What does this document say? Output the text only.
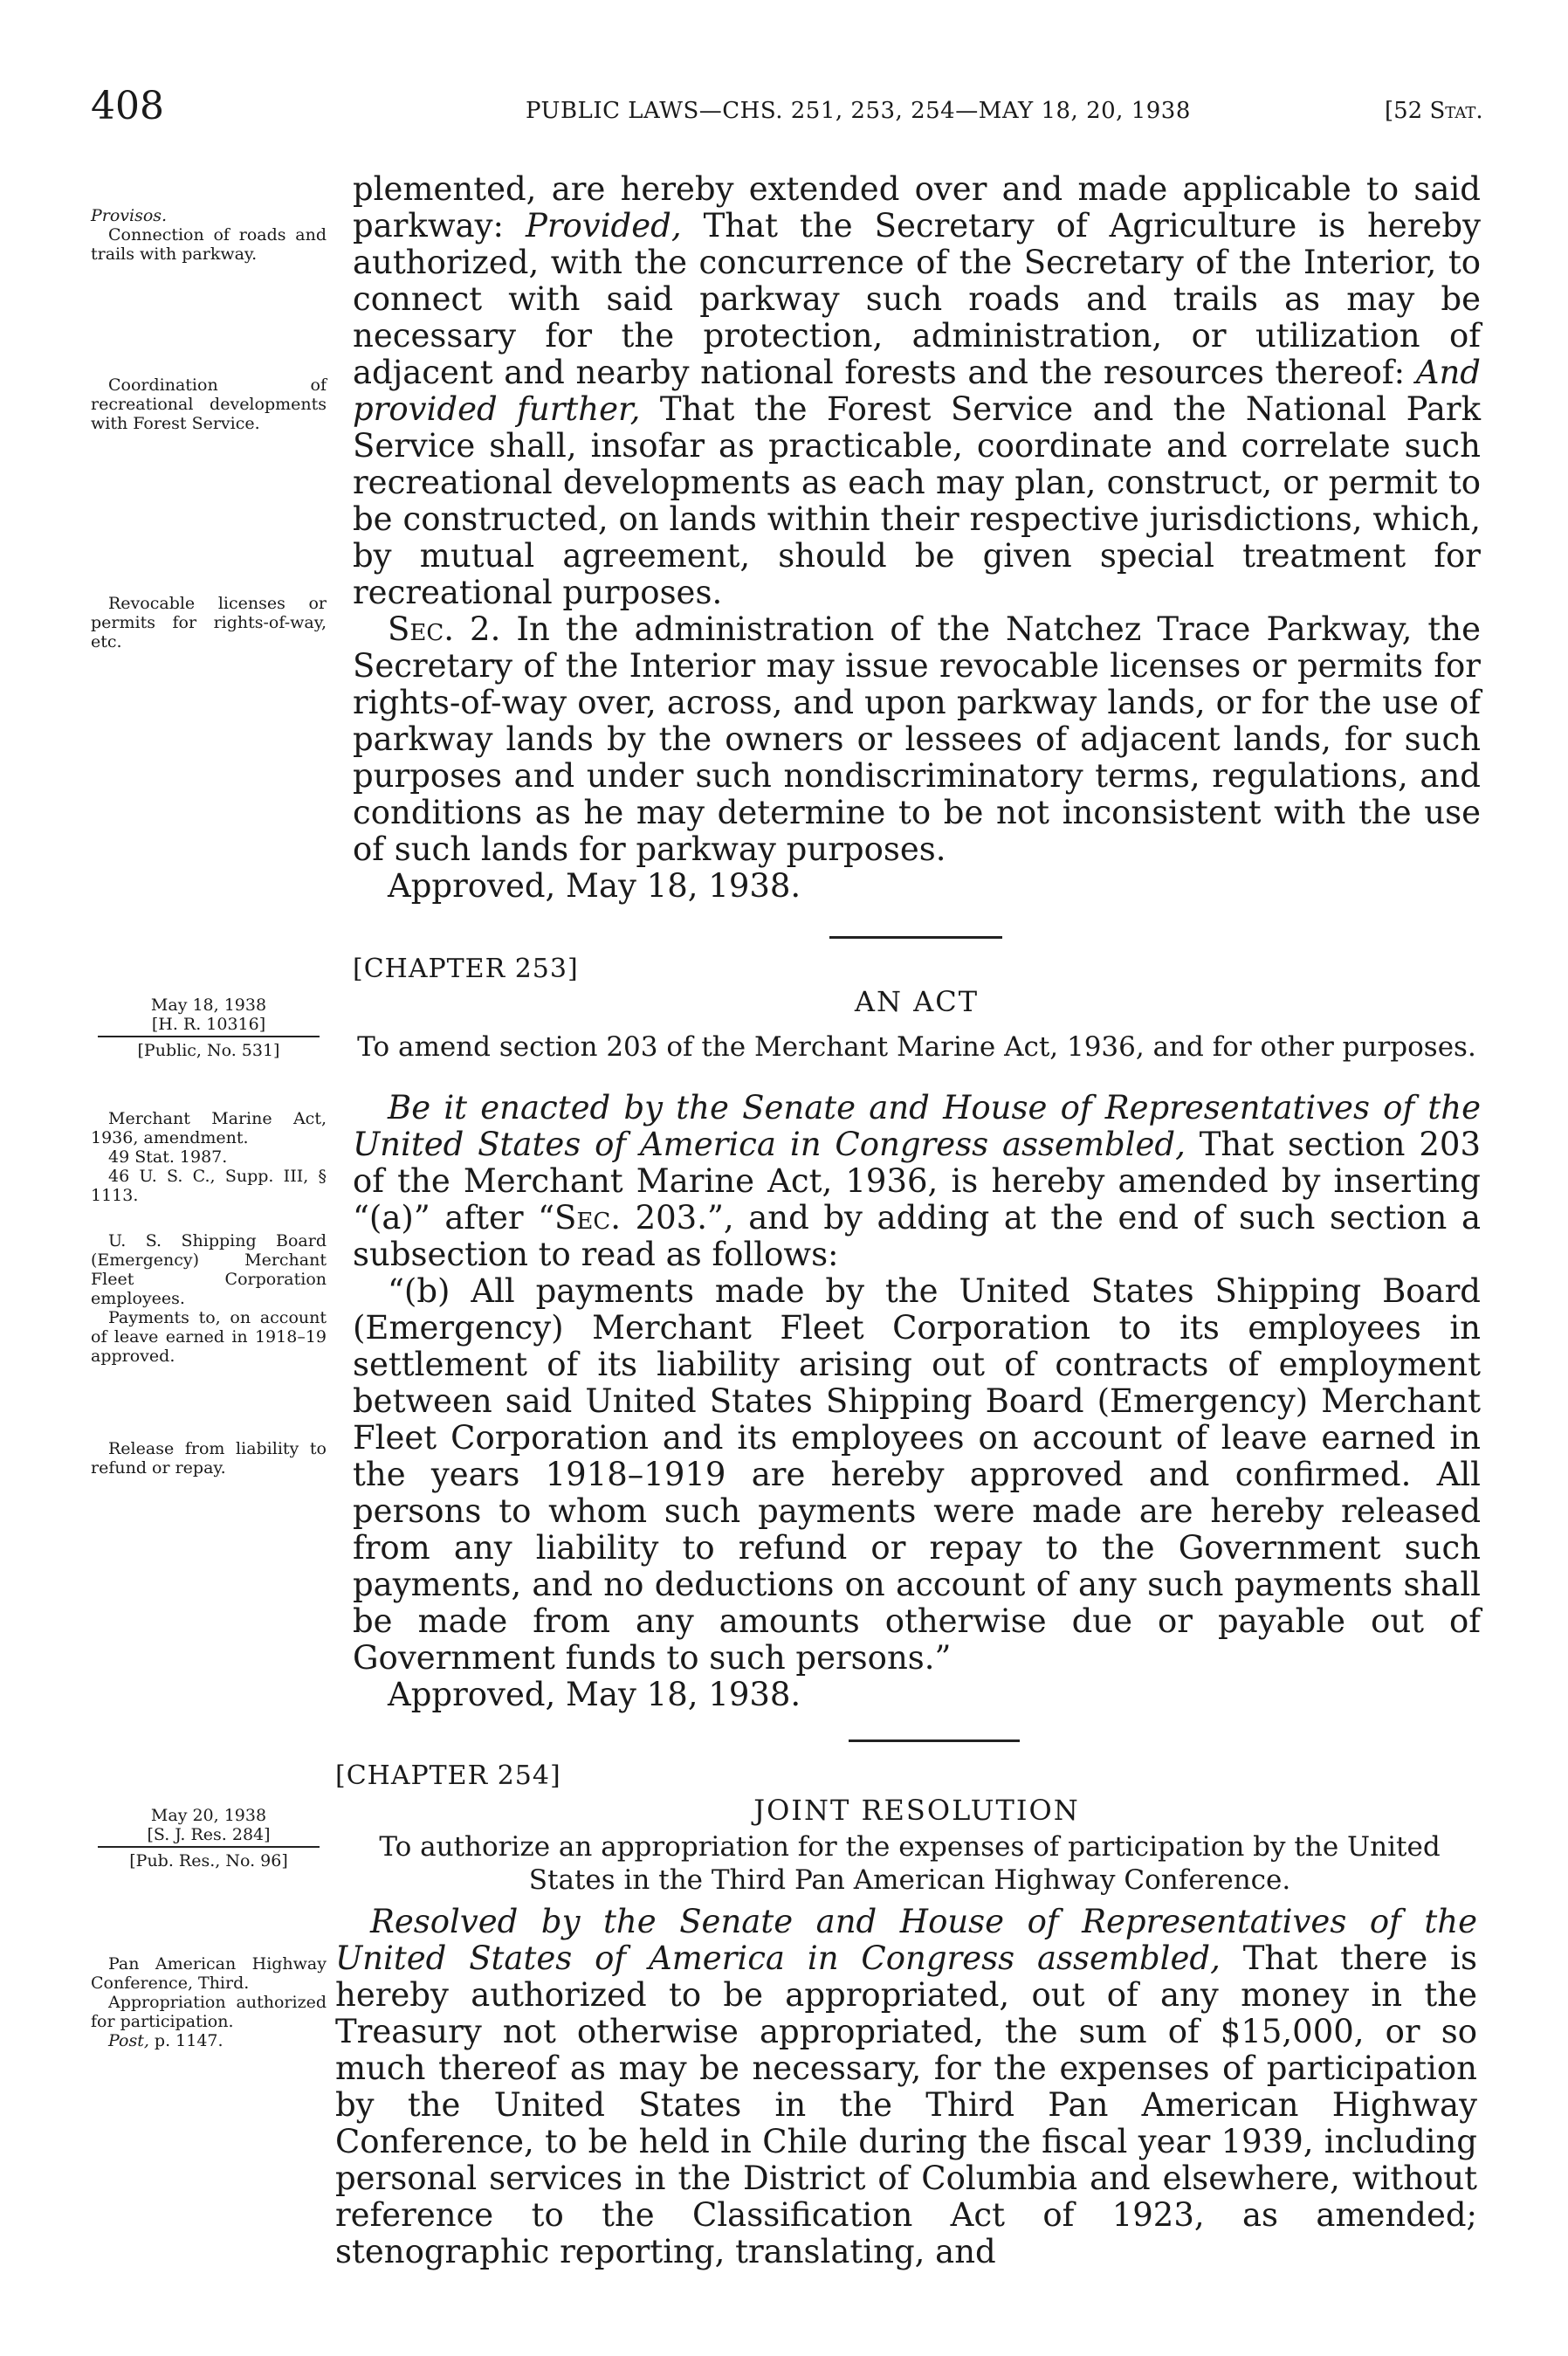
408	PUBLIC LAWS—CHS. 251, 253, 254—MAY 18, 20, 1938	[52 Stat.
Provisos.
Connection of roads and trails with parkway.
Coordination of recreational developments with Forest Service.
Revocable licenses or permits for rights-of-way, etc.

plemented, are hereby extended over and made applicable to said parkway: Provided, That the Secretary of Agriculture is hereby authorized, with the concurrence of the Secretary of the Interior, to connect with said parkway such roads and trails as may be necessary for the protection, administration, or utilization of adjacent and nearby national forests and the resources thereof: And provided further, That the Forest Service and the National Park Service shall, insofar as practicable, coordinate and correlate such recreational developments as each may plan, construct, or permit to be constructed, on lands within their respective jurisdictions, which, by mutual agreement, should be given special treatment for recreational purposes.

Sec. 2. In the administration of the Natchez Trace Parkway, the Secretary of the Interior may issue revocable licenses or permits for rights-of-way over, across, and upon parkway lands, or for the use of parkway lands by the owners or lessees of adjacent lands, for such purposes and under such nondiscriminatory terms, regulations, and conditions as he may determine to be not inconsistent with the use of such lands for parkway purposes.

Approved, May 18, 1938.

[CHAPTER 253]
AN ACT
To amend section 203 of the Merchant Marine Act, 1936, and for other purposes.
May 18, 1938
[H. R. 10316]
[Public, No. 531]
Merchant Marine Act, 1936, amendment.
49 Stat. 1987.
46 U. S. C., Supp. III, § 1113.
U. S. Shipping Board (Emergency) Merchant Fleet Corporation employees.
Payments to, on account of leave earned in 1918–19 approved.
Release from liability to refund or repay.

Be it enacted by the Senate and House of Representatives of the United States of America in Congress assembled, That section 203 of the Merchant Marine Act, 1936, is hereby amended by inserting “(a)” after “Sec. 203.”, and by adding at the end of such section a subsection to read as follows:

“(b) All payments made by the United States Shipping Board (Emergency) Merchant Fleet Corporation to its employees in settlement of its liability arising out of contracts of employment between said United States Shipping Board (Emergency) Merchant Fleet Corporation and its employees on account of leave earned in the years 1918–1919 are hereby approved and confirmed. All persons to whom such payments were made are hereby released from any liability to refund or repay to the Government such payments, and no deductions on account of any such payments shall be made from any amounts otherwise due or payable out of Government funds to such persons.”

Approved, May 18, 1938.

[CHAPTER 254]
JOINT RESOLUTION
To authorize an appropriation for the expenses of participation by the United States in the Third Pan American Highway Conference.
May 20, 1938
[S. J. Res. 284]
[Pub. Res., No. 96]
Pan American Highway Conference, Third.
Appropriation authorized for participation.
Post, p. 1147.

Resolved by the Senate and House of Representatives of the United States of America in Congress assembled, That there is hereby authorized to be appropriated, out of any money in the Treasury not otherwise appropriated, the sum of $15,000, or so much thereof as may be necessary, for the expenses of participation by the United States in the Third Pan American Highway Conference, to be held in Chile during the fiscal year 1939, including personal services in the District of Columbia and elsewhere, without reference to the Classification Act of 1923, as amended; stenographic reporting, translating, and
